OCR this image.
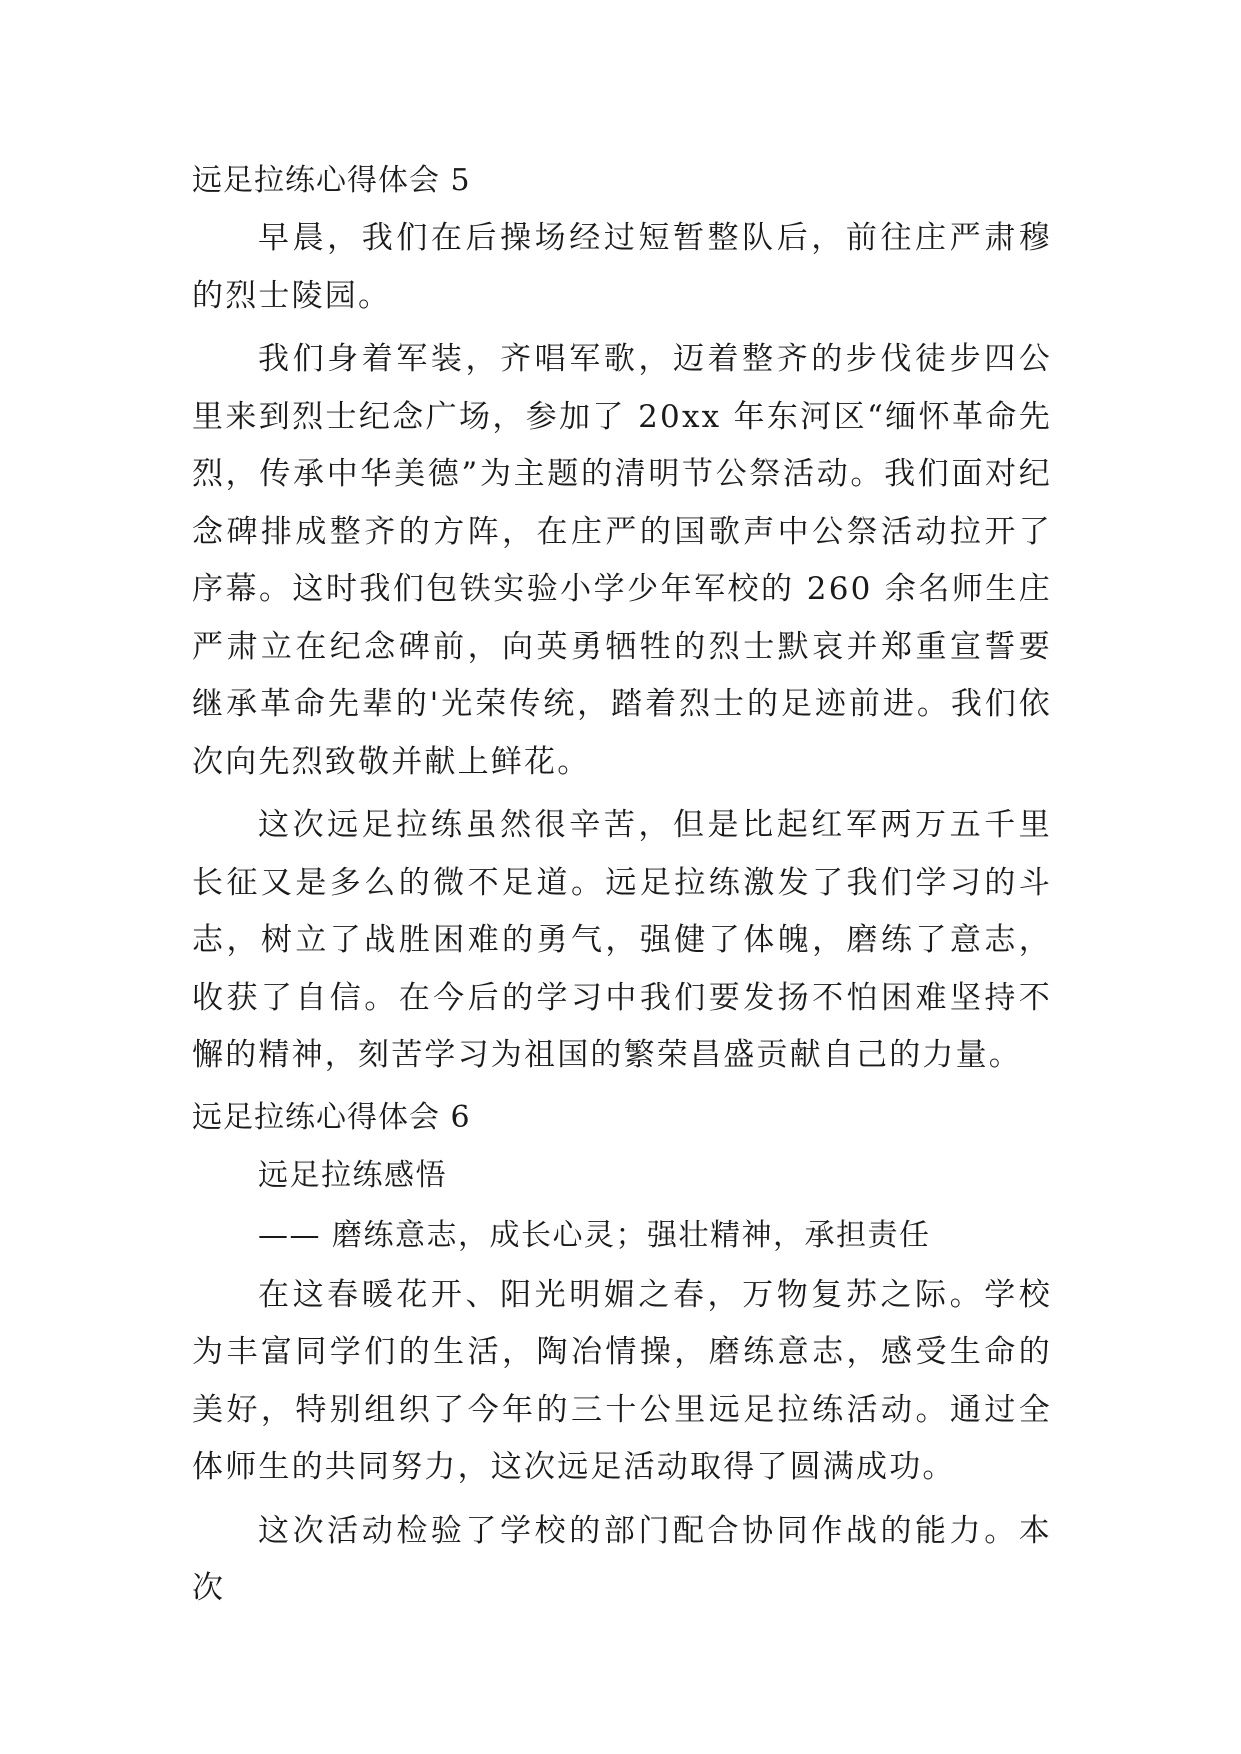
远足拉练心得体会 5

早晨，我们在后操场经过短暂整队后，前往庄严肃穆的烈士陵园。

我们身着军装，齐唱军歌，迈着整齐的步伐徒步四公里来到烈士纪念广场，参加了 20xx 年东河区“缅怀革命先烈，传承中华美德”为主题的清明节公祭活动。我们面对纪念碑排成整齐的方阵，在庄严的国歌声中公祭活动拉开了序幕。这时我们包铁实验小学少年军校的 260 余名师生庄严肃立在纪念碑前，向英勇牺牲的烈士默哀并郑重宣誓要继承革命先辈的'光荣传统，踏着烈士的足迹前进。我们依次向先烈致敬并献上鲜花。

这次远足拉练虽然很辛苦，但是比起红军两万五千里长征又是多么的微不足道。远足拉练激发了我们学习的斗志，树立了战胜困难的勇气，强健了体魄，磨练了意志，收获了自信。在今后的学习中我们要发扬不怕困难坚持不懈的精神，刻苦学习为祖国的繁荣昌盛贡献自己的力量。

远足拉练心得体会 6
远足拉练感悟
—— 磨练意志，成长心灵；强壮精神，承担责任

在这春暖花开、阳光明媚之春，万物复苏之际。学校为丰富同学们的生活，陶冶情操，磨练意志，感受生命的美好，特别组织了今年的三十公里远足拉练活动。通过全体师生的共同努力，这次远足活动取得了圆满成功。

这次活动检验了学校的部门配合协同作战的能力。本次
